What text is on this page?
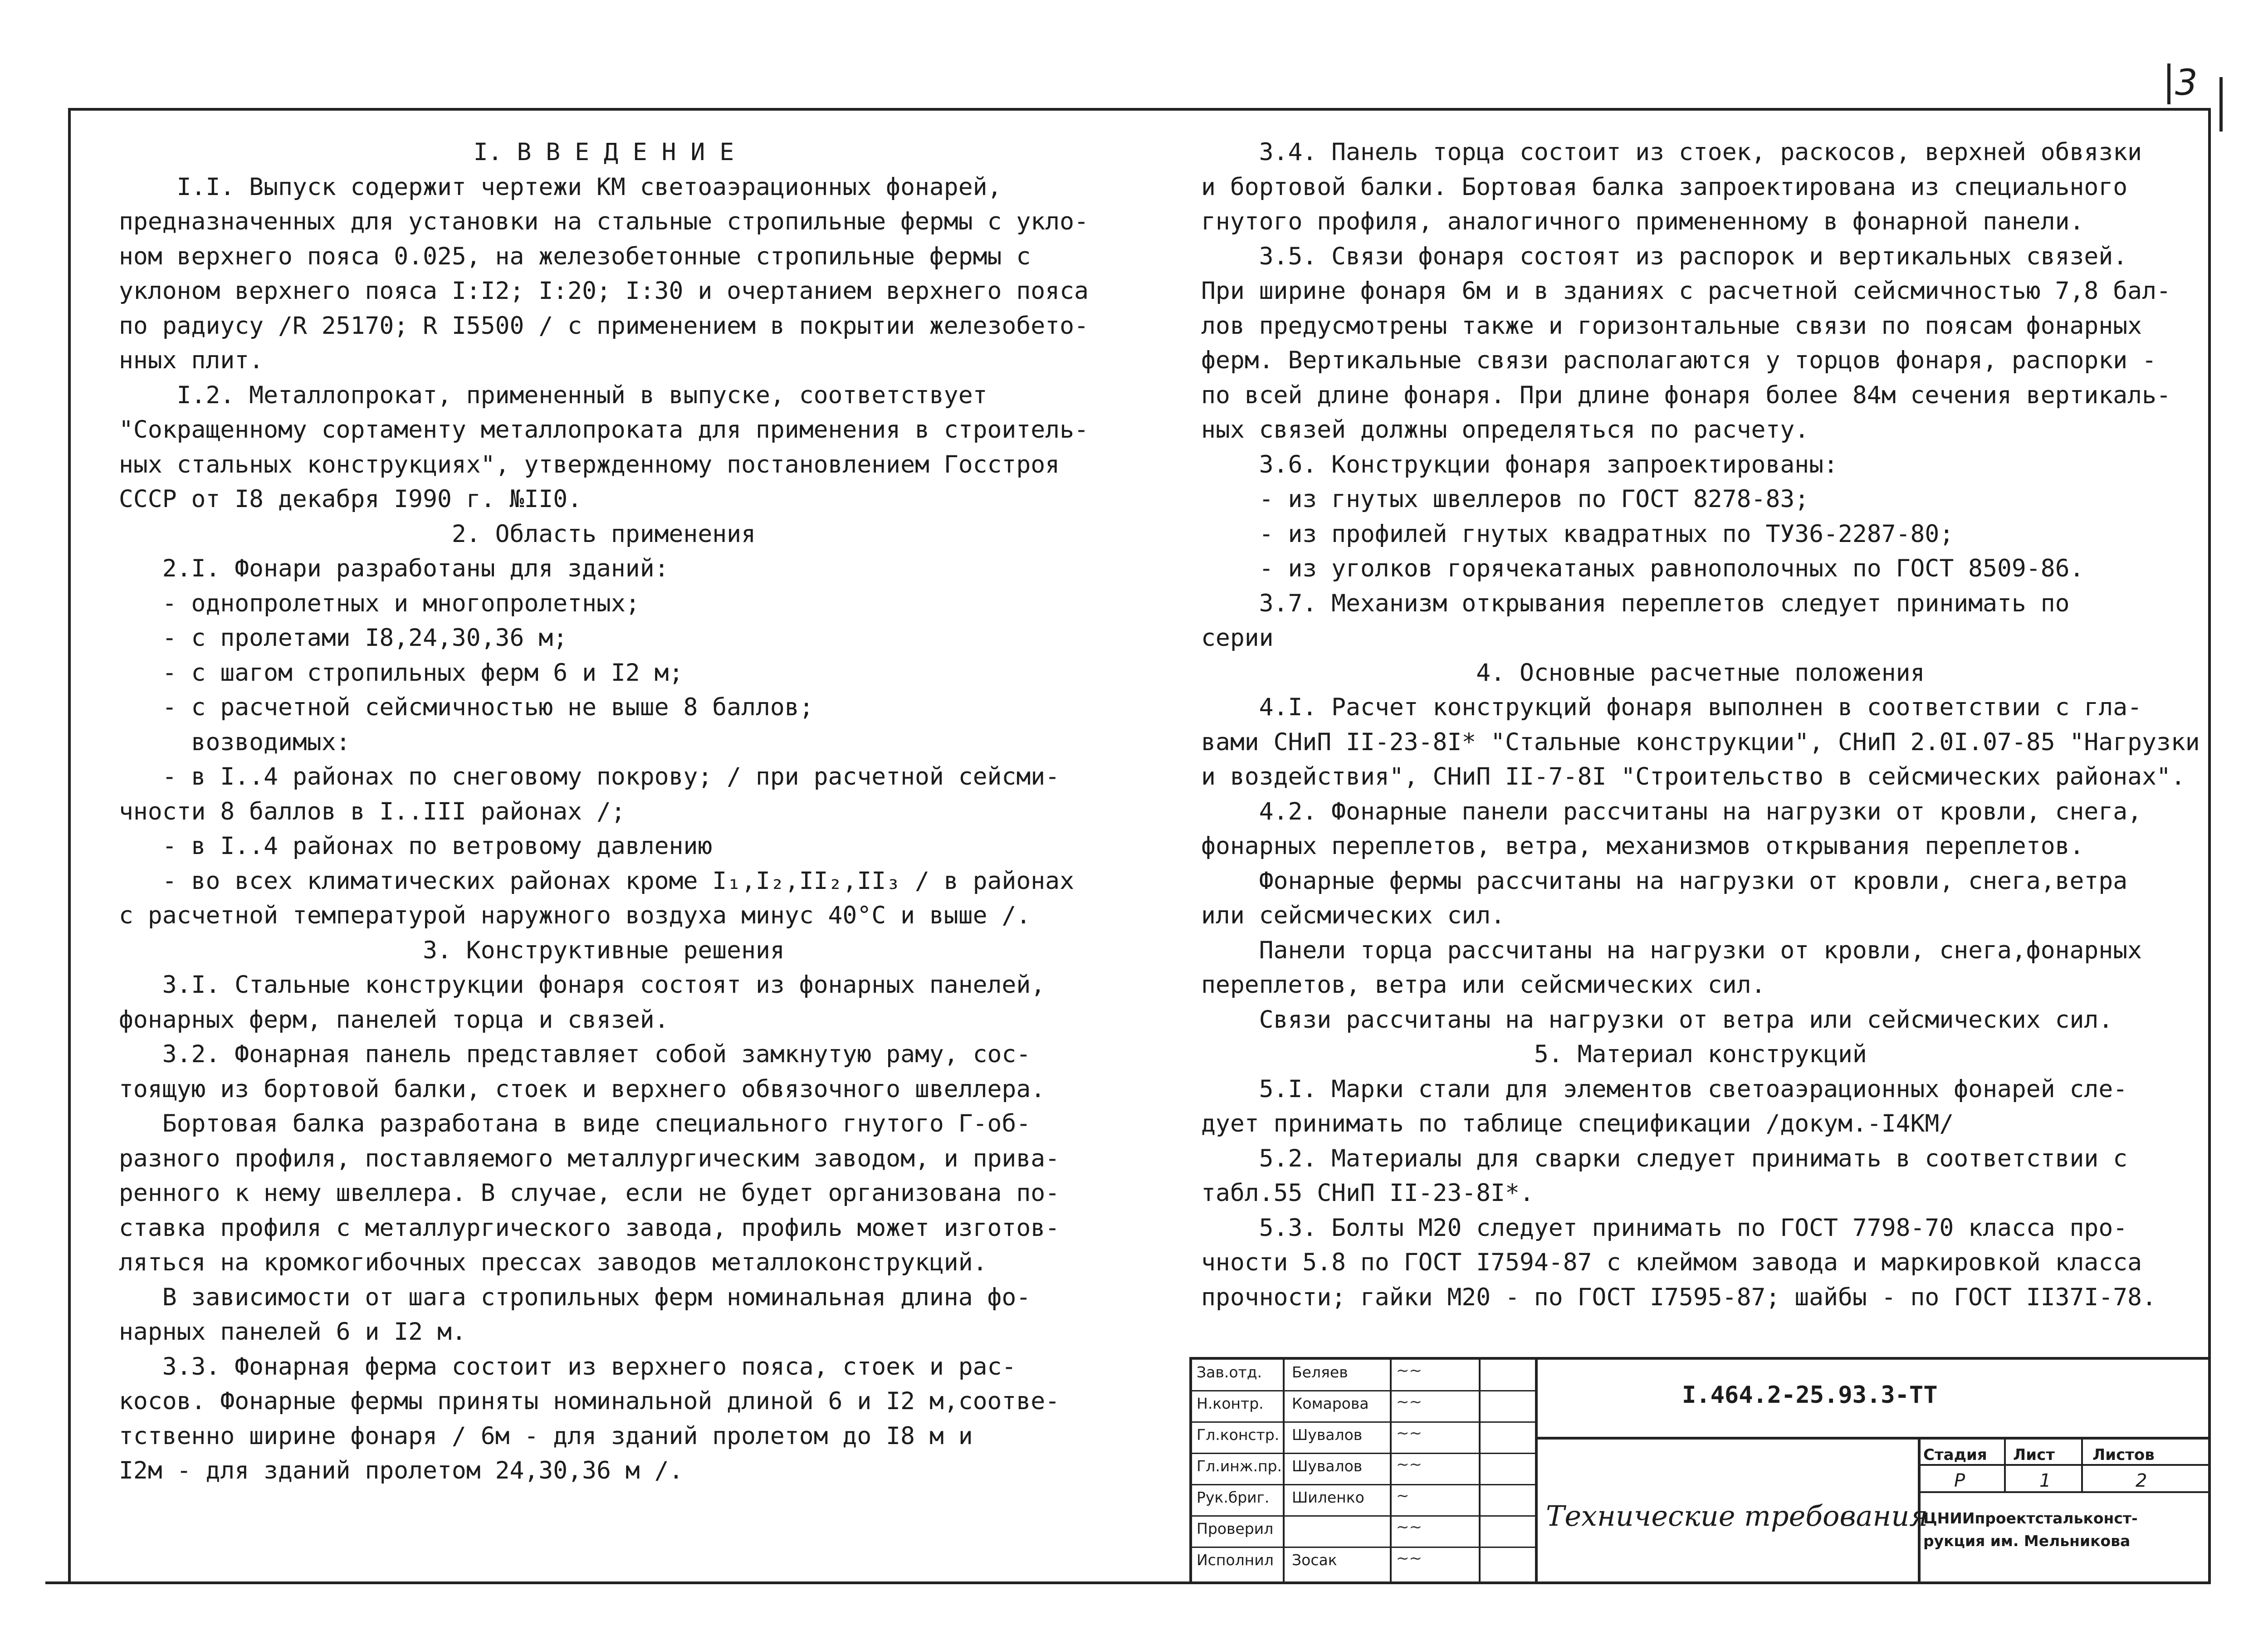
3

I. В В Е Д Е Н И Е

I.I. Выпуск содержит чертежи КМ светоаэрационных фонарей,

предназначенных для установки на стальные стропильные фермы с укло-

ном верхнего пояса 0.025, на железобетонные стропильные фермы с

уклоном верхнего пояса I:I2; I:20; I:30 и очертанием верхнего пояса

по радиусу /R 25170; R I5500 / с применением в покрытии железобето-

нных плит.

I.2. Металлопрокат, примененный в выпуске, соответствует

"Сокращенному сортаменту металлопроката для применения в строитель-

ных стальных конструкциях", утвержденному постановлением Госстроя

СССР от I8 декабря I990 г. №II0.

2. Область применения

2.I. Фонари разработаны для зданий:

- однопролетных и многопролетных;

- с пролетами I8,24,30,36 м;

- с шагом стропильных ферм 6 и I2 м;

- с расчетной сейсмичностью не выше 8 баллов;

возводимых:

- в I..4 районах по снеговому покрову; / при расчетной сейсми-

чности 8 баллов в I..III районах /;

- в I..4 районах по ветровому давлению

- во всех климатических районах кроме I₁,I₂,II₂,II₃ / в районах

с расчетной температурой наружного воздуха минус 40°С и выше /.

3. Конструктивные решения

3.I. Стальные конструкции фонаря состоят из фонарных панелей,

фонарных ферм, панелей торца и связей.

3.2. Фонарная панель представляет собой замкнутую раму, сос-

тоящую из бортовой балки, стоек и верхнего обвязочного швеллера.

Бортовая балка разработана в виде специального гнутого Г-об-

разного профиля, поставляемого металлургическим заводом, и прива-

ренного к нему швеллера. В случае, если не будет организована по-

ставка профиля с металлургического завода, профиль может изготов-

ляться на кромкогибочных прессах заводов металлоконструкций.

В зависимости от шага стропильных ферм номинальная длина фо-

нарных панелей 6 и I2 м.

3.3. Фонарная ферма состоит из верхнего пояса, стоек и рас-

косов. Фонарные фермы приняты номинальной длиной 6 и I2 м,соотве-

тственно ширине фонаря / 6м - для зданий пролетом до I8 м и

I2м - для зданий пролетом 24,30,36 м /.

3.4. Панель торца состоит из стоек, раскосов, верхней обвязки

и бортовой балки. Бортовая балка запроектирована из специального

гнутого профиля, аналогичного примененному в фонарной панели.

3.5. Связи фонаря состоят из распорок и вертикальных связей.

При ширине фонаря 6м и в зданиях с расчетной сейсмичностью 7,8 бал-

лов предусмотрены также и горизонтальные связи по поясам фонарных

ферм. Вертикальные связи располагаются у торцов фонаря, распорки -

по всей длине фонаря. При длине фонаря более 84м сечения вертикаль-

ных связей должны определяться по расчету.

3.6. Конструкции фонаря запроектированы:

- из гнутых швеллеров по ГОСТ 8278-83;

- из профилей гнутых квадратных по ТУ36-2287-80;

- из уголков горячекатаных равнополочных по ГОСТ 8509-86.

3.7. Механизм открывания переплетов следует принимать по

серии

4. Основные расчетные положения

4.I. Расчет конструкций фонаря выполнен в соответствии с гла-

вами СНиП II-23-8I* "Стальные конструкции", СНиП 2.0I.07-85 "Нагрузки

и воздействия", СНиП II-7-8I "Строительство в сейсмических районах".

4.2. Фонарные панели рассчитаны на нагрузки от кровли, снега,

фонарных переплетов, ветра, механизмов открывания переплетов.

Фонарные фермы рассчитаны на нагрузки от кровли, снега,ветра

или сейсмических сил.

Панели торца рассчитаны на нагрузки от кровли, снега,фонарных

переплетов, ветра или сейсмических сил.

Связи рассчитаны на нагрузки от ветра или сейсмических сил.

5. Материал конструкций

5.I. Марки стали для элементов светоаэрационных фонарей сле-

дует принимать по таблице спецификации /докум.-I4КМ/

5.2. Материалы для сварки следует принимать в соответствии с

табл.55 СНиП II-23-8I*.

5.3. Болты М20 следует принимать по ГОСТ 7798-70 класса про-

чности 5.8 по ГОСТ I7594-87 с клеймом завода и маркировкой класса

прочности; гайки М20 - по ГОСТ I7595-87; шайбы - по ГОСТ II37I-78.

I.464.2-25.93.3-ТТ
Технические требования
Стадия Лист Листов
Р	1	2
ЦНИИпроектстальконст-
рукция им. Мельникова
Зав.отд. Беляев	~~
Н.контр. Комарова ~~
Гл.констр. Шувалов ~~
Гл.инж.пр. Шувалов ~~
Рук.бриг. Шиленко ~
Проверил	~~
Исполнил Зосак	~~
